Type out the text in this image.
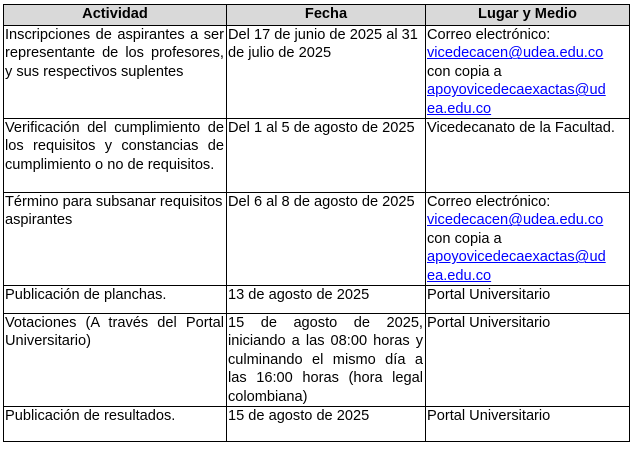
Actividad	Fecha	Lugar y Medio
Inscripciones de aspirantes a ser representante de los profesores, y sus respectivos suplentes	Del 17 de junio de 2025 al 31 de julio de 2025	Correo electrónico:
vicedecacen@udea.edu.co
con copia a
apoyovicedecaexactas@ud
ea.edu.co

Verificación del cumplimiento de los requisitos y constancias de cumplimiento o no de requisitos.	Del 1 al 5 de agosto de 2025	Vicedecanato de la Facultad.
Término para subsanar requisitos aspirantes	Del 6 al 8 de agosto de 2025	Correo electrónico:
vicedecacen@udea.edu.co
con copia a
apoyovicedecaexactas@ud
ea.edu.co

Publicación de planchas.	13 de agosto de 2025	Portal Universitario
Votaciones (A través del Portal Universitario)	15 de agosto de 2025, iniciando a las 08:00 horas y culminando el mismo día a las 16:00 horas (hora legal colombiana)	Portal Universitario
Publicación de resultados.	15 de agosto de 2025	Portal Universitario
